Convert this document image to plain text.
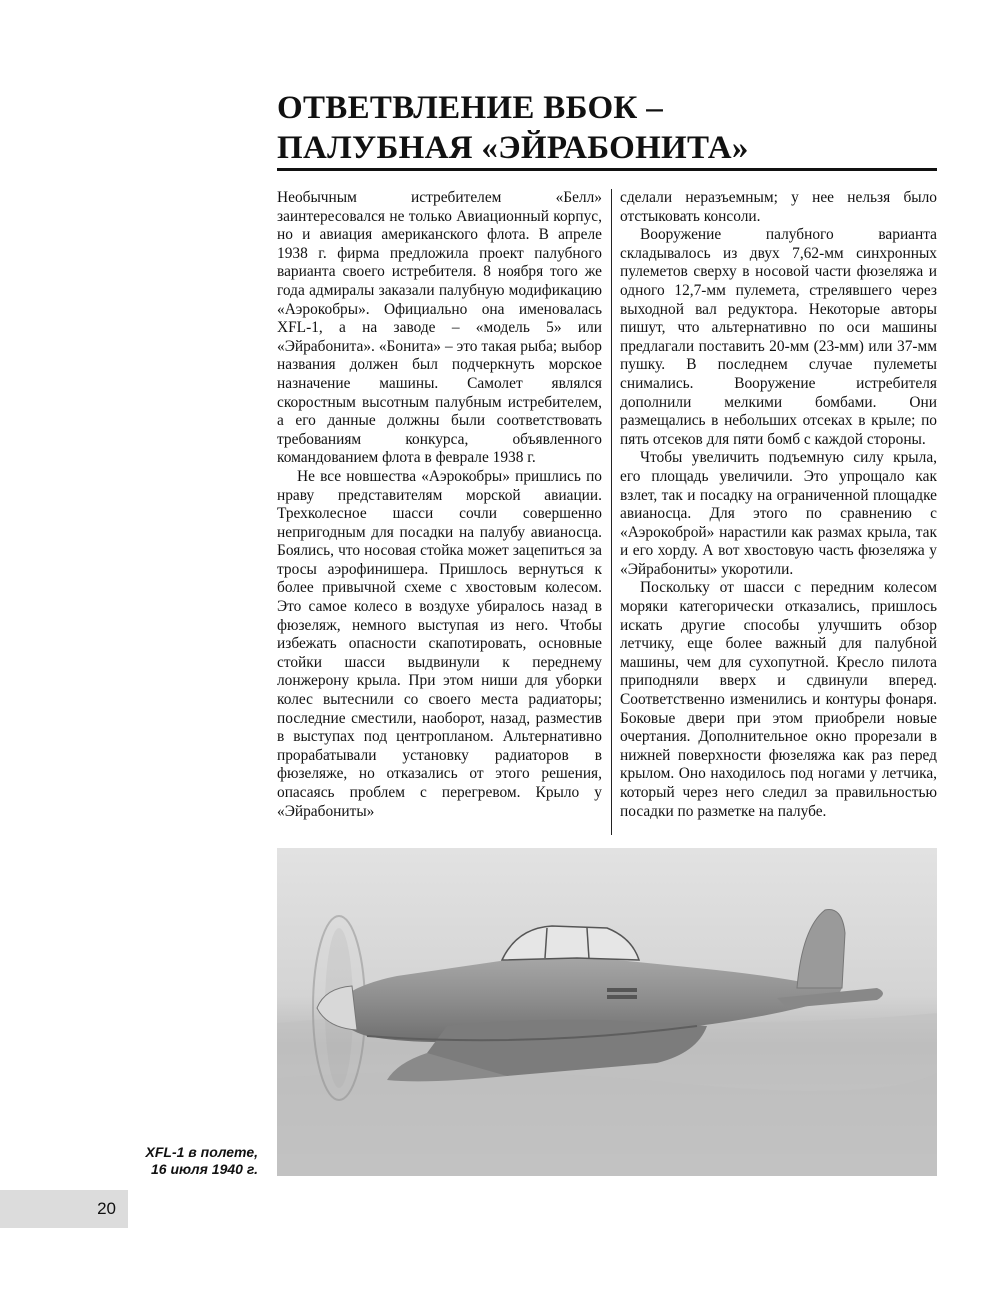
ОТВЕТВЛЕНИЕ ВБОК –
ПАЛУБНАЯ «ЭЙРАБОНИТА»

Необычным истребителем «Белл» заинтересовался не только Авиационный корпус, но и авиация американского флота. В апреле 1938 г. фирма предложила проект палубного варианта своего истребителя. 8 ноября того же года адмиралы заказали палубную модификацию «Аэрокобры». Официально она именовалась XFL-1, а на заводе – «модель 5» или «Эйрабонита». «Бонита» – это такая рыба; выбор названия должен был подчеркнуть морское назначение машины. Самолет являлся скоростным высотным палубным истребителем, а его данные должны были соответствовать требованиям конкурса, объявленного командованием флота в феврале 1938 г.

Не все новшества «Аэрокобры» пришлись по нраву представителям морской авиации. Трехколесное шасси сочли совершенно непригодным для посадки на палубу авианосца. Боялись, что носовая стойка может зацепиться за тросы аэрофинишера. Пришлось вернуться к более привычной схеме с хвостовым колесом. Это самое колесо в воздухе убиралось назад в фюзеляж, немного выступая из него. Чтобы избежать опасности скапотировать, основные стойки шасси выдвинули к переднему лонжерону крыла. При этом ниши для уборки колес вытеснили со своего места радиаторы; последние сместили, наоборот, назад, разместив в выступах под центропланом. Альтернативно прорабатывали установку радиаторов в фюзеляже, но отказались от этого решения, опасаясь проблем с перегревом. Крыло у «Эйрабониты»

сделали неразъемным; у нее нельзя было отстыковать консоли.

Вооружение палубного варианта складывалось из двух 7,62-мм синхронных пулеметов сверху в носовой части фюзеляжа и одного 12,7-мм пулемета, стрелявшего через выходной вал редуктора. Некоторые авторы пишут, что альтернативно по оси машины предлагали поставить 20-мм (23-мм) или 37-мм пушку. В последнем случае пулеметы снимались. Вооружение истребителя дополнили мелкими бомбами. Они размещались в небольших отсеках в крыле; по пять отсеков для пяти бомб с каждой стороны.

Чтобы увеличить подъемную силу крыла, его площадь увеличили. Это упрощало как взлет, так и посадку на ограниченной площадке авианосца. Для этого по сравнению с «Аэрокоброй» нарастили как размах крыла, так и его хорду. А вот хвостовую часть фюзеляжа у «Эйрабониты» укоротили.

Поскольку от шасси с передним колесом моряки категорически отказались, пришлось искать другие способы улучшить обзор летчику, еще более важный для палубной машины, чем для сухопутной. Кресло пилота приподняли вверх и сдвинули вперед. Соответственно изменились и контуры фонаря. Боковые двери при этом приобрели новые очертания. Дополнительное окно прорезали в нижней поверхности фюзеляжа как раз перед крылом. Оно находилось под ногами у летчика, который через него следил за правильностью посадки по разметке на палубе.

XFL-1 в полете,
16 июля 1940 г.
20
